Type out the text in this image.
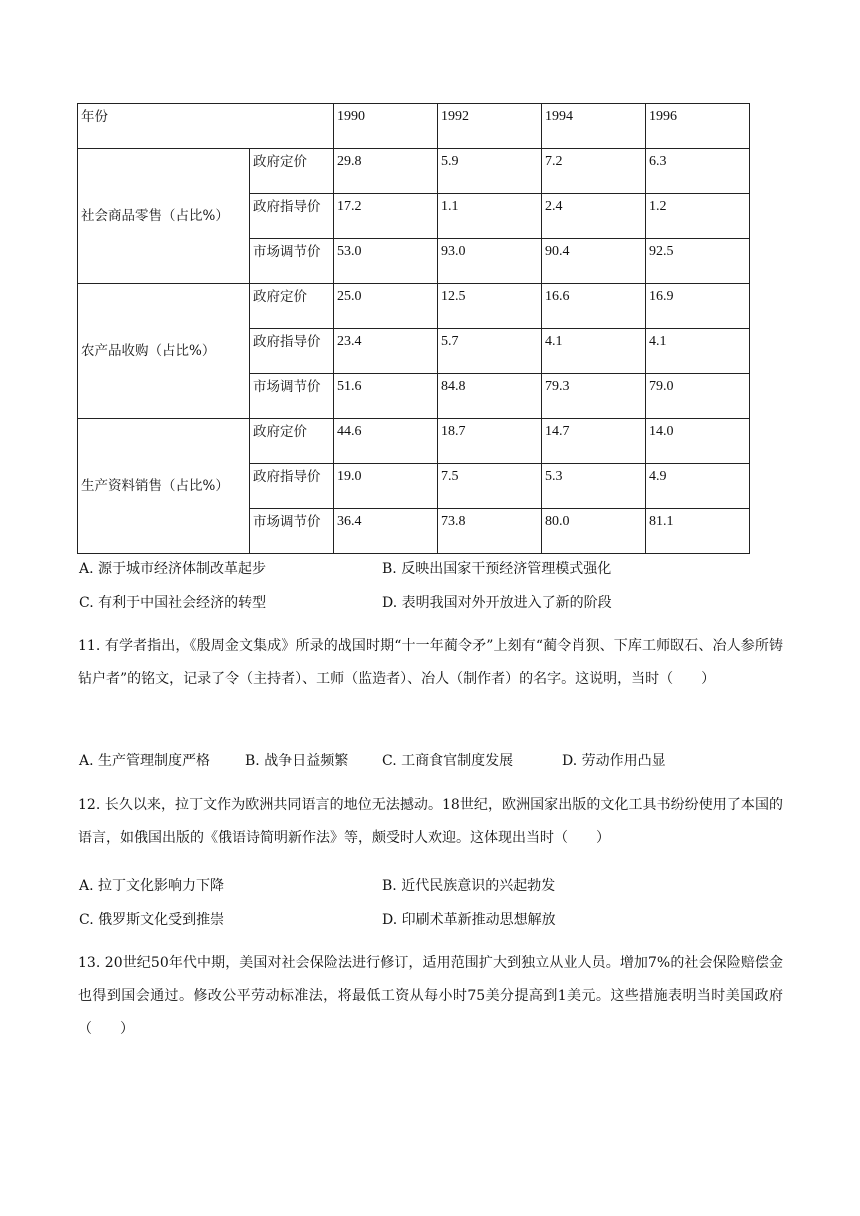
年份		1990	1992	1994	1996
社会商品零售（占比%）	政府定价	29.8	5.9	7.2	6.3
	政府指导价	17.2	1.1	2.4	1.2
	市场调节价	53.0	93.0	90.4	92.5
农产品收购（占比%）	政府定价	25.0	12.5	16.6	16.9
	政府指导价	23.4	5.7	4.1	4.1
	市场调节价	51.6	84.8	79.3	79.0
生产资料销售（占比%）	政府定价	44.6	18.7	14.7	14.0
	政府指导价	19.0	7.5	5.3	4.9
	市场调节价	36.4	73.8	80.0	81.1
A. 源于城市经济体制改革起步	B. 反映出国家干预经济管理模式强化
C. 有利于中国社会经济的转型	D. 表明我国对外开放进入了新的阶段
11. 有学者指出，《殷周金文集成》所录的战国时期“十一年蔺令矛”上刻有“蔺令肖狈、下库工师臤石、冶人参所铸钻户者”的铭文，记录了令（主持者）、工师（监造者）、冶人（制作者）的名字。这说明，当时（　　）
A. 生产管理制度严格 B. 战争日益频繁 C. 工商食官制度发展	D. 劳动作用凸显
12. 长久以来，拉丁文作为欧洲共同语言的地位无法撼动。18世纪，欧洲国家出版的文化工具书纷纷使用了本国的语言，如俄国出版的《俄语诗简明新作法》等，颇受时人欢迎。这体现出当时（　　）
A. 拉丁文化影响力下降	B. 近代民族意识的兴起勃发
C. 俄罗斯文化受到推崇	D. 印刷术革新推动思想解放
13. 20世纪50年代中期，美国对社会保险法进行修订，适用范围扩大到独立从业人员。增加7%的社会保险赔偿金也得到国会通过。修改公平劳动标准法，将最低工资从每小时75美分提高到1美元。这些措施表明当时美国政府（　　）
